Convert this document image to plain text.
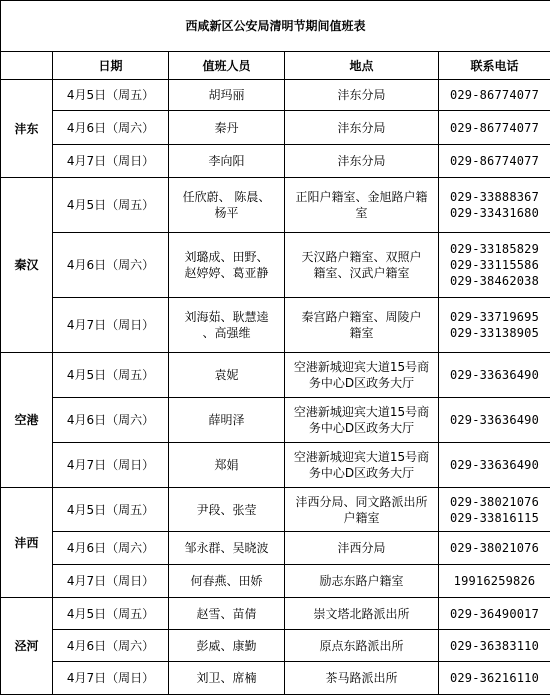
西咸新区公安局清明节期间值班表				
	日期	值班人员	地点	联系电话
沣东	4月5日（周五）	胡玛丽	沣东分局	029-86774077

	4月6日（周六）	秦丹	沣东分局	029-86774077

	4月7日（周日）	李向阳	沣东分局	029-86774077

秦汉	4月5日（周五）	任欣蔚、 陈晨、
杨平	正阳户籍室、金旭路户籍
室	029-33888367
029-33431680

	4月6日（周六）	刘璐成、田野、
赵婷婷、葛亚静	天汉路户籍室、双照户
籍室、汉武户籍室	029-33185829
029-33115586
029-38462038

	4月7日（周日）	刘海茹、耿慧逵
、高强维	秦宫路户籍室、周陵户
籍室	029-33719695
029-33138905

空港	4月5日（周五）	袁妮	空港新城迎宾大道15号商
务中心D区政务大厅	029-33636490

	4月6日（周六）	薛明泽	空港新城迎宾大道15号商
务中心D区政务大厅	029-33636490

	4月7日（周日）	郑娟	空港新城迎宾大道15号商
务中心D区政务大厅	029-33636490

沣西	4月5日（周五）	尹段、张莹	沣西分局、同文路派出所
户籍室	029-38021076
029-33816115

	4月6日（周六）	邹永群、吴晓波	沣西分局	029-38021076

	4月7日（周日）	何春燕、田娇	励志东路户籍室	19916259826

泾河	4月5日（周五）	赵雪、苗倩	崇文塔北路派出所	029-36490017

	4月6日（周六）	彭威、康勤	原点东路派出所	029-36383110

	4月7日（周日）	刘卫、席楠	茶马路派出所	029-36216110
